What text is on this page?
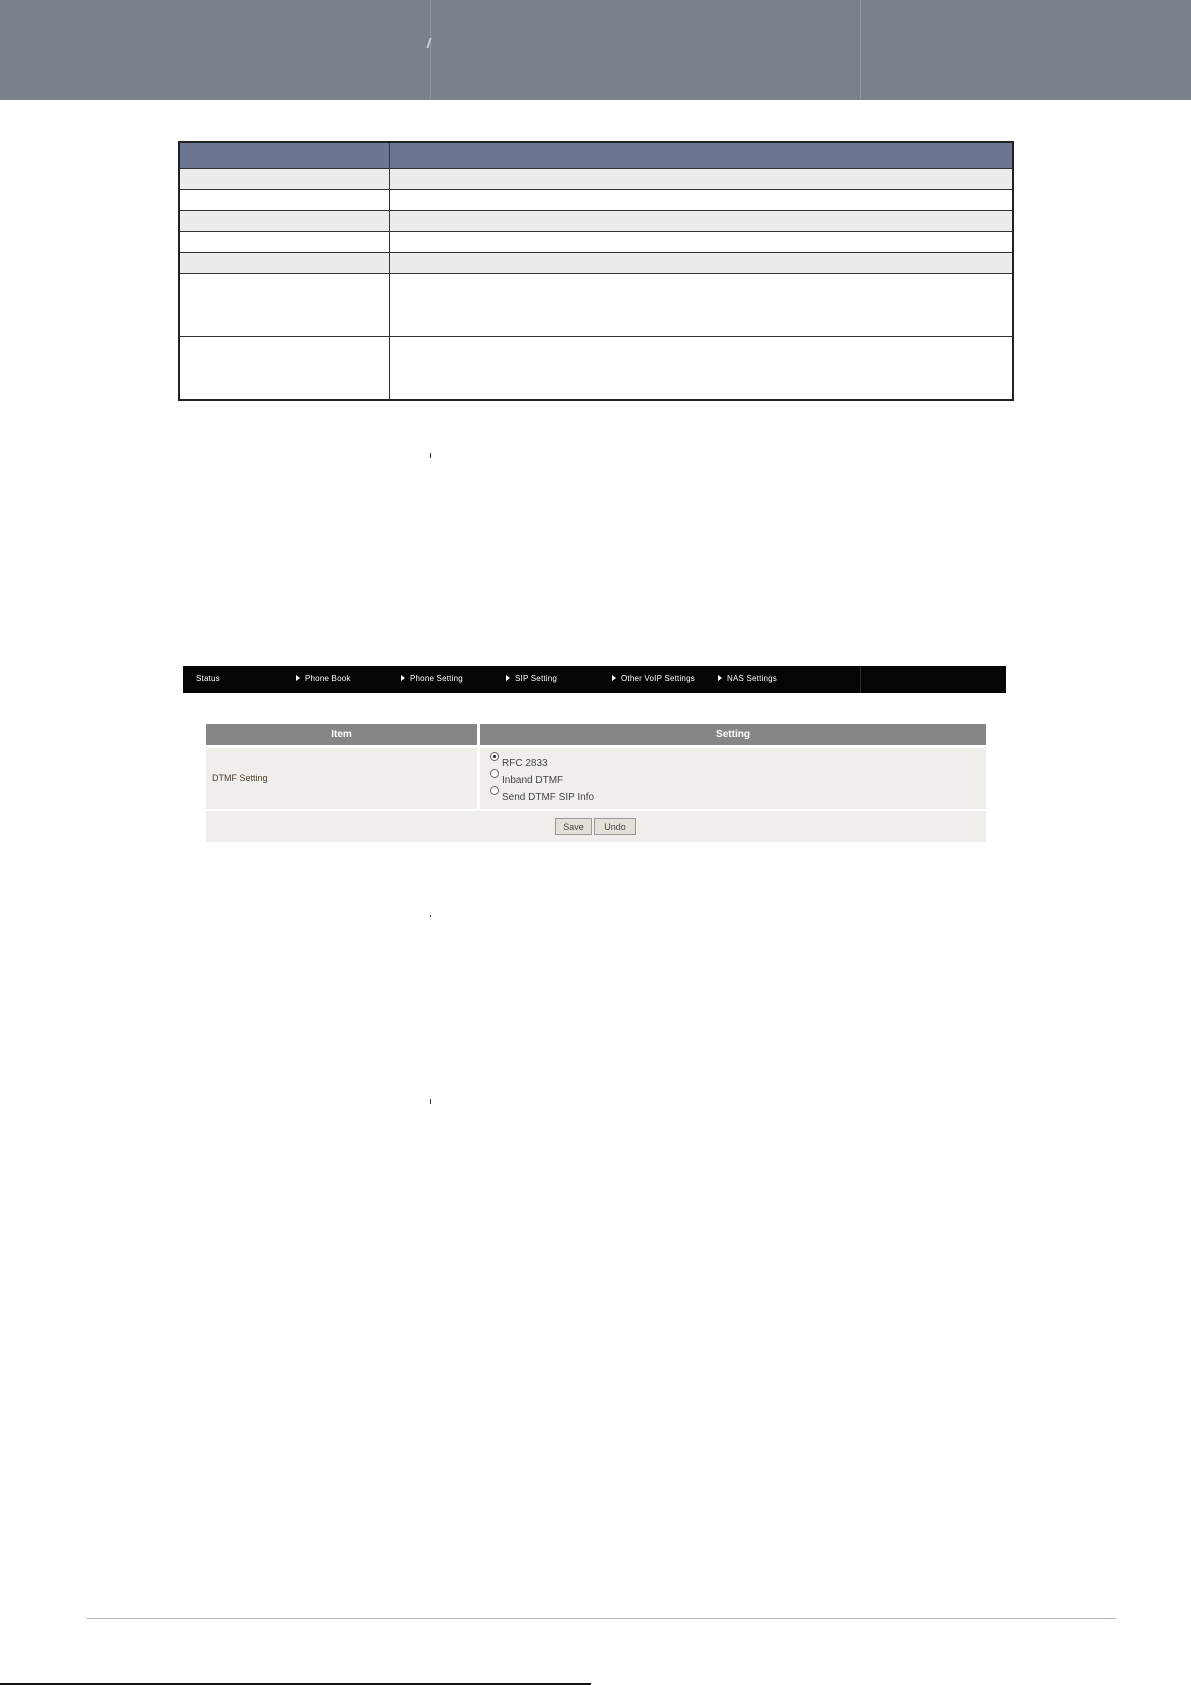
Status	Phone Book	Phone Setting	SIP Setting	Other VoIP Settings	NAS Settings
Item	Setting
DTMF Setting
RFC 2833
Inband DTMF
Send DTMF SIP Info
Save	Undo
